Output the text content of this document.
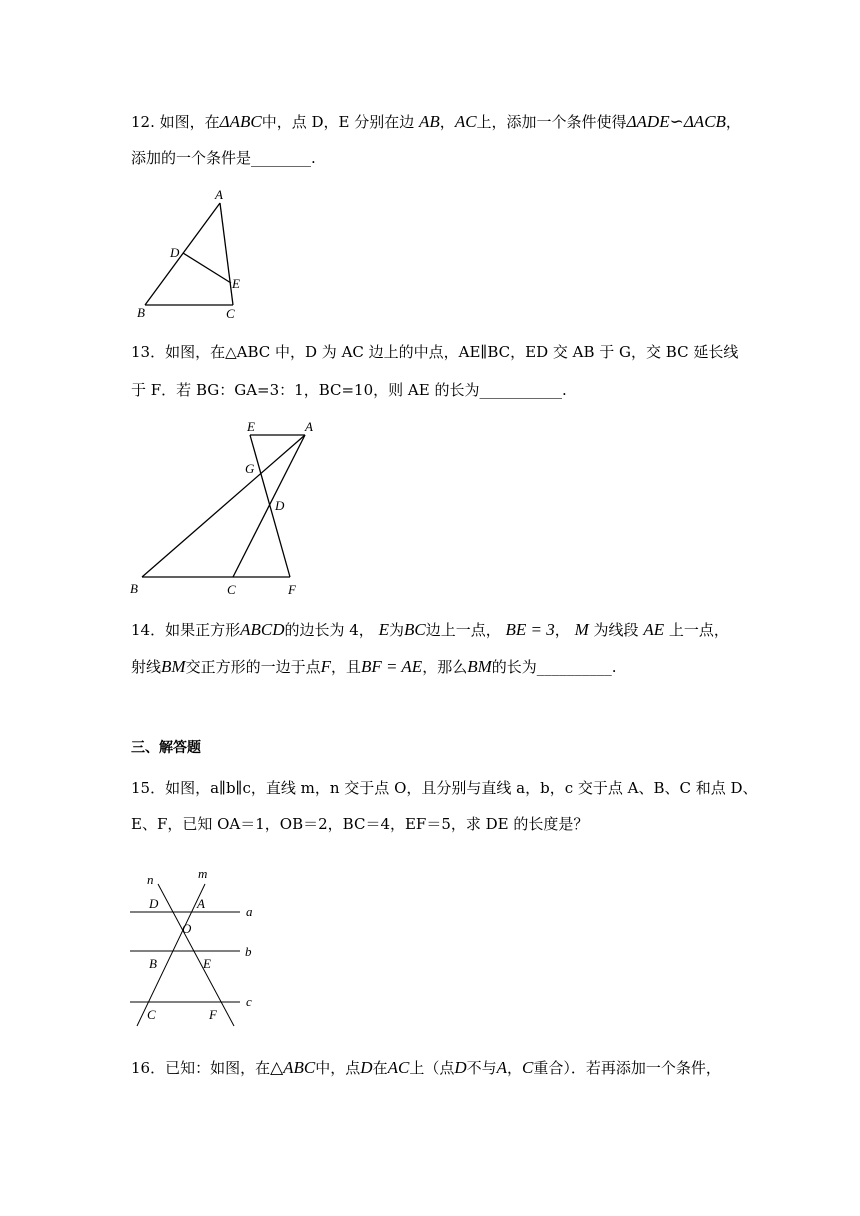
12. 如图，在ΔABC中，点 D，E 分别在边 AB，AC上，添加一个条件使得ΔADE∽ΔACB，
添加的一个条件是________.
A
D
E
B	C
13．如图，在△ABC 中，D 为 AC 边上的中点，AE∥BC，ED 交 AB 于 G，交 BC 延长线
于 F．若 BG：GA=3：1，BC=10，则 AE 的长为___________.
E	A
G
D
B	C	F
14．如果正方形ABCD的边长为 4， E为BC边上一点， BE = 3， M 为线段 AE 上一点，
射线BM交正方形的一边于点F，且BF = AE，那么BM的长为__________.
三、解答题
15．如图，a∥b∥c，直线 m，n 交于点 O，且分别与直线 a，b，c 交于点 A、B、C 和点 D、
E、F，已知 OA＝1，OB＝2，BC＝4，EF＝5，求 DE 的长度是？
n	m
D	A
O
a
b
B	E
c
C	F
16．已知：如图，在△ABC中，点D在AC上（点D不与A，C重合）．若再添加一个条件，
